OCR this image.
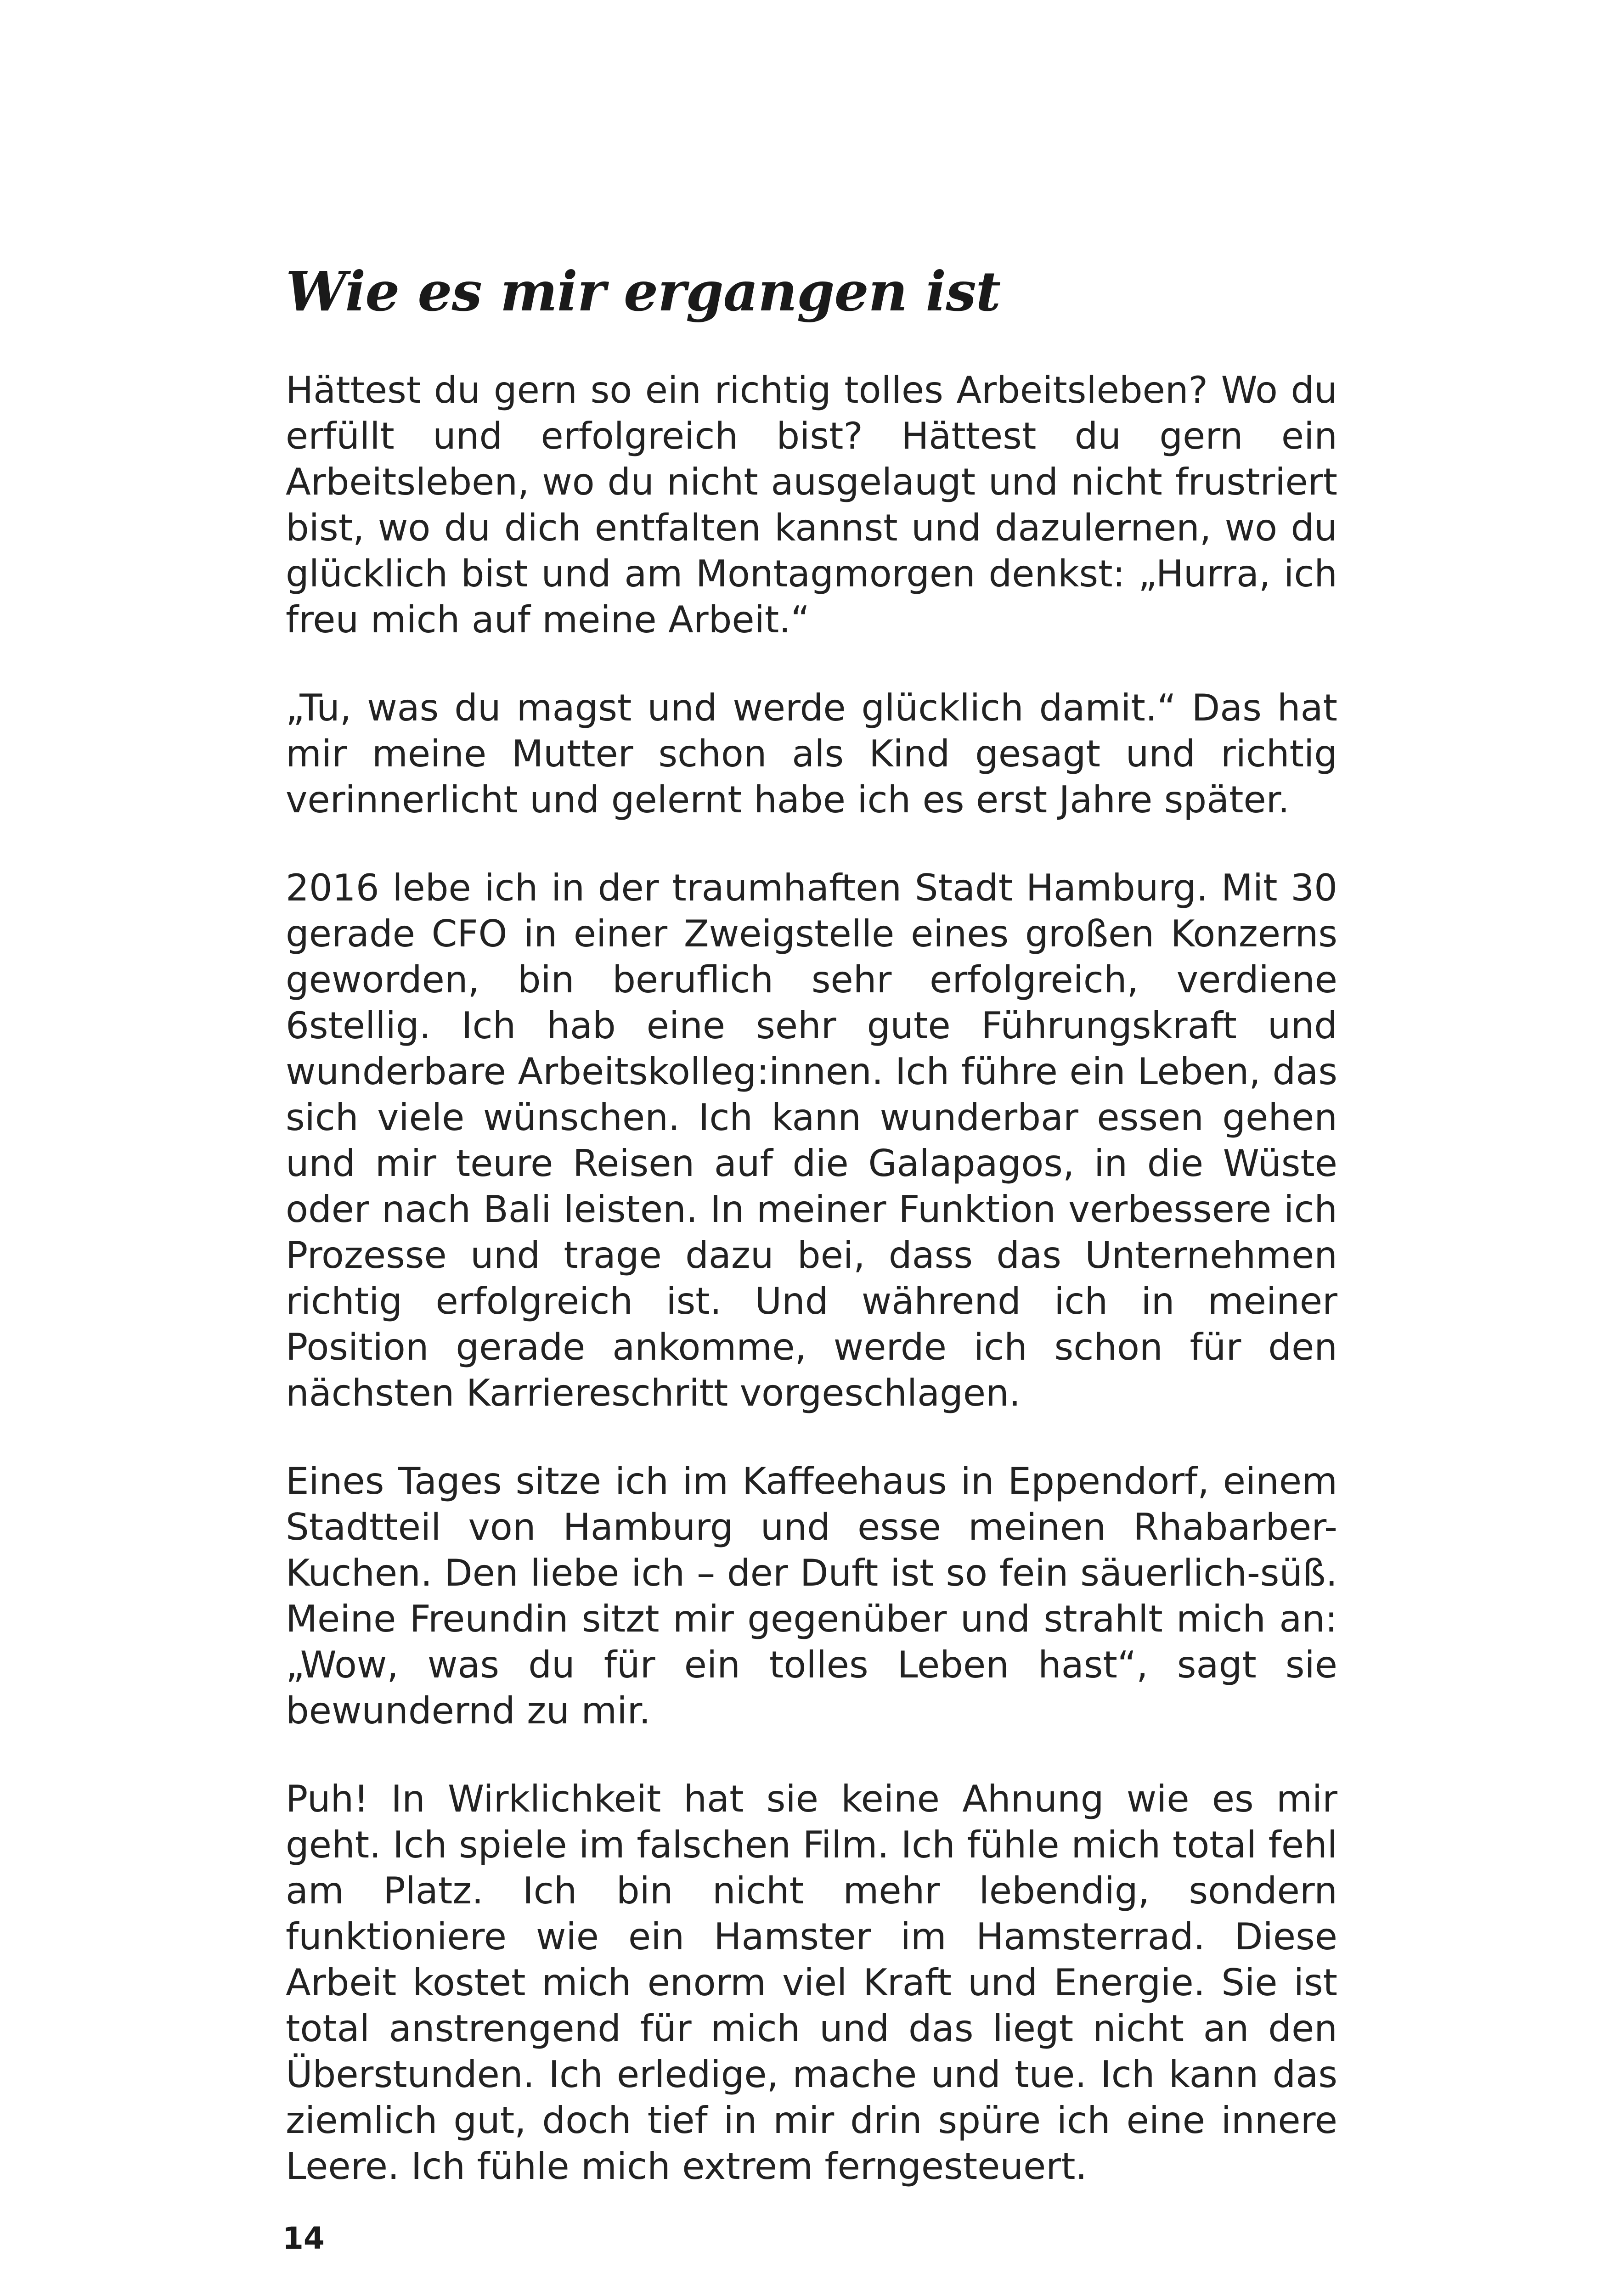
Wie es mir ergangen ist

Hättest du gern so ein richtig tolles Arbeitsleben? Wo du erfüllt und erfolgreich bist? Hättest du gern ein Arbeitsleben, wo du nicht ausgelaugt und nicht frustriert bist, wo du dich entfalten kannst und dazulernen, wo du glücklich bist und am Montagmorgen denkst: „Hurra, ich freu mich auf meine Arbeit.“

„Tu, was du magst und werde glücklich damit.“ Das hat mir meine Mutter schon als Kind gesagt und richtig verinnerlicht und gelernt habe ich es erst Jahre später.

2016 lebe ich in der traumhaften Stadt Hamburg. Mit 30 gerade CFO in einer Zweigstelle eines großen Konzerns geworden, bin beruflich sehr erfolgreich, verdiene 6stellig. Ich hab eine sehr gute Führungskraft und wunderbare Arbeitskolleg:innen. Ich führe ein Leben, das sich viele wünschen. Ich kann wunderbar essen gehen und mir teure Reisen auf die Galapagos, in die Wüste oder nach Bali leisten. In meiner Funktion verbessere ich Prozesse und trage dazu bei, dass das Unternehmen richtig erfolgreich ist. Und während ich in meiner Position gerade ankomme, werde ich schon für den nächsten Karriereschritt vorgeschlagen.

Eines Tages sitze ich im Kaffeehaus in Eppendorf, einem Stadtteil von Hamburg und esse meinen Rhabarber-Kuchen. Den liebe ich – der Duft ist so fein säuerlich-süß. Meine Freundin sitzt mir gegenüber und strahlt mich an: „Wow, was du für ein tolles Leben hast“, sagt sie bewundernd zu mir.

Puh! In Wirklichkeit hat sie keine Ahnung wie es mir geht. Ich spiele im falschen Film. Ich fühle mich total fehl am Platz. Ich bin nicht mehr lebendig, sondern funktioniere wie ein Hamster im Hamsterrad. Diese Arbeit kostet mich enorm viel Kraft und Energie. Sie ist total anstrengend für mich und das liegt nicht an den Überstunden. Ich erledige, mache und tue. Ich kann das ziemlich gut, doch tief in mir drin spüre ich eine innere Leere. Ich fühle mich extrem ferngesteuert.

14
